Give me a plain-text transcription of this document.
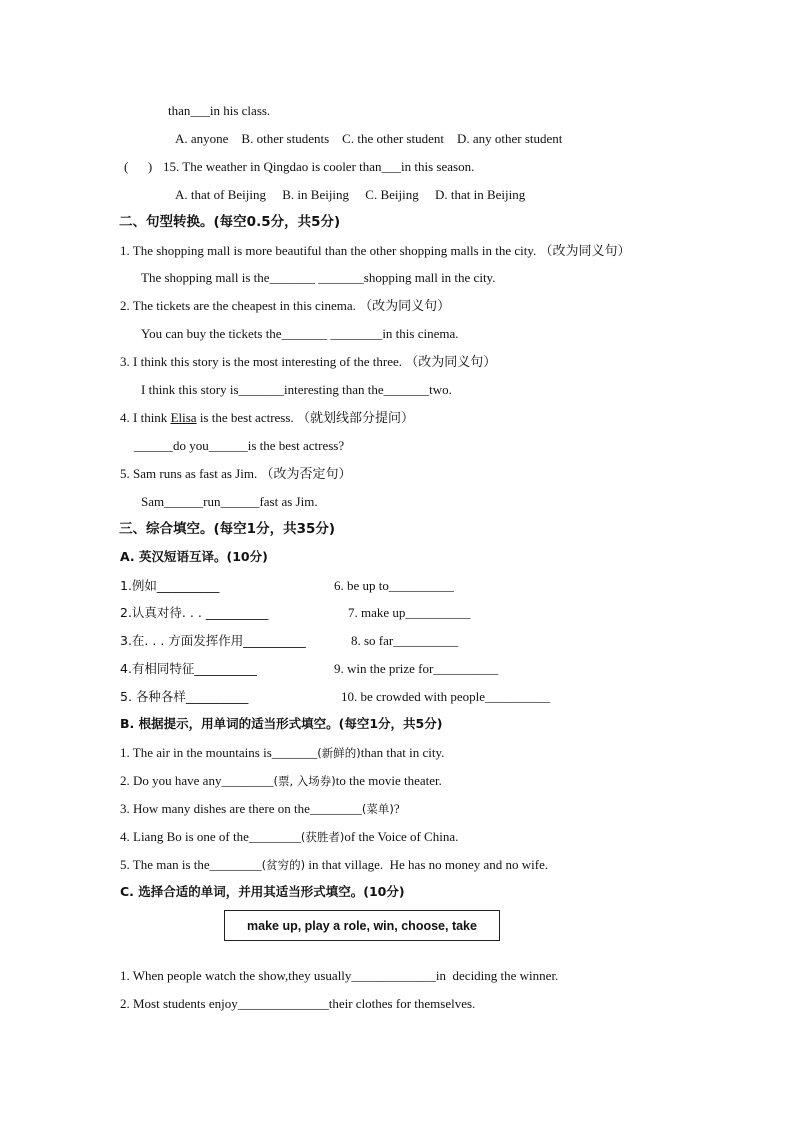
than___in his class.
A. anyone    B. other students    C. the other student    D. any other student
(      ) 15. The weather in Qingdao is cooler than___in this season.
A. that of Beijing     B. in Beijing     C. Beijing     D. that in Beijing
二、句型转换。(每空0.5分，共5分)
1. The shopping mall is more beautiful than the other shopping malls in the city. （改为同义句）
The shopping mall is the_______ _______shopping mall in the city.
2. The tickets are the cheapest in this cinema. （改为同义句）
You can buy the tickets the_______ ________in this cinema.
3. I think this story is the most interesting of the three. （改为同义句）
I think this story is_______interesting than the_______two.
4. I think Elisa is the best actress. （就划线部分提问）
______do you______is the best actress?
5. Sam runs as fast as Jim. （改为否定句）
Sam______run______fast as Jim.
三、综合填空。(每空1分，共35分)
A. 英汉短语互译。(10分)
1.例如__________	6. be up to__________
2.认真对待. . . __________	7. make up__________
3.在. . . 方面发挥作用__________	8. so far__________
4.有相同特征__________	9. win the prize for__________
5. 各种各样__________	10. be crowded with people__________
B. 根据提示，用单词的适当形式填空。(每空1分，共5分)
1. The air in the mountains is_______(新鲜的)than that in city.
2. Do you have any________(票, 入场券)to the movie theater.
3. How many dishes are there on the________(菜单)?
4. Liang Bo is one of the________(获胜者)of the Voice of China.
5. The man is the________(贫穷的) in that village.  He has no money and no wife.
C. 选择合适的单词，并用其适当形式填空。(10分)
make up, play a role, win, choose, take
1. When people watch the show,they usually_____________in  deciding the winner.
2. Most students enjoy______________their clothes for themselves.
